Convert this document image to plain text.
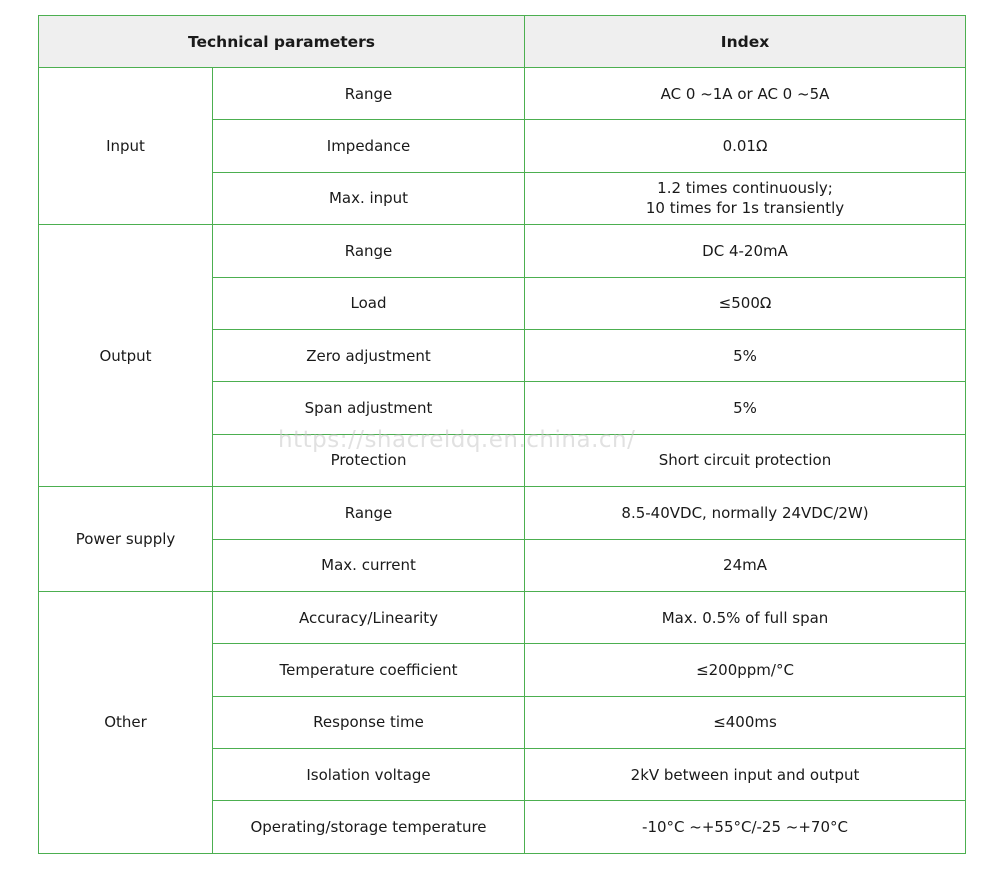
Technical parameters		Index
Input	Range	AC 0 ~1A or AC 0 ~5A
	Impedance	0.01Ω
	Max. input	1.2 times continuously;
10 times for 1s transiently

Output	Range	DC 4-20mA
	Load	≤500Ω
	Zero adjustment	5%
	Span adjustment	5%
	Protection	Short circuit protection
Power supply	Range	8.5-40VDC, normally 24VDC/2W)
	Max. current	24mA
Other	Accuracy/Linearity	Max. 0.5% of full span
	Temperature coefficient	≤200ppm/°C
	Response time	≤400ms
	Isolation voltage	2kV between input and output
	Operating/storage temperature	-10°C ~+55°C/-25 ~+70°C
https://shacreldq.en.china.cn/
